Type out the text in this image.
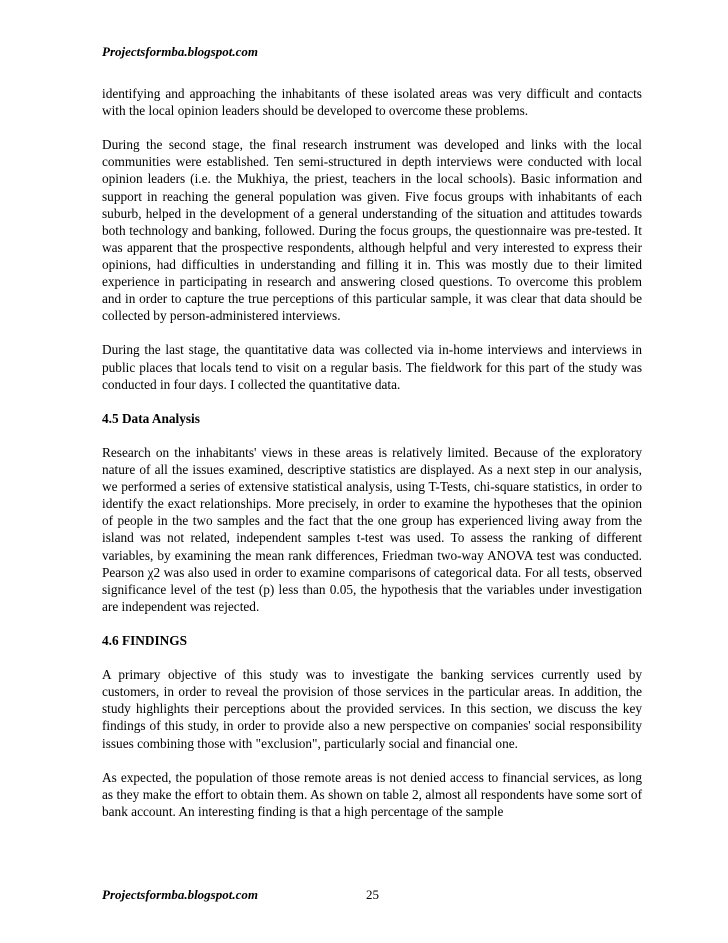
Projectsformba.blogspot.com

identifying and approaching the inhabitants of these isolated areas was very difficult and contacts with the local opinion leaders should be developed to overcome these problems.

During the second stage, the final research instrument was developed and links with the local communities were established. Ten semi-structured in depth interviews were conducted with local opinion leaders (i.e. the Mukhiya, the priest, teachers in the local schools). Basic information and support in reaching the general population was given. Five focus groups with inhabitants of each suburb, helped in the development of a general understanding of the situation and attitudes towards both technology and banking, followed. During the focus groups, the questionnaire was pre-tested. It was apparent that the prospective respondents, although helpful and very interested to express their opinions, had difficulties in understanding and filling it in. This was mostly due to their limited experience in participating in research and answering closed questions. To overcome this problem and in order to capture the true perceptions of this particular sample, it was clear that data should be collected by person-administered interviews.

During the last stage, the quantitative data was collected via in-home interviews and interviews in public places that locals tend to visit on a regular basis. The fieldwork for this part of the study was conducted in four days. I collected the quantitative data.

4.5 Data Analysis

Research on the inhabitants' views in these areas is relatively limited. Because of the exploratory nature of all the issues examined, descriptive statistics are displayed. As a next step in our analysis, we performed a series of extensive statistical analysis, using T-Tests, chi-square statistics, in order to identify the exact relationships. More precisely, in order to examine the hypotheses that the opinion of people in the two samples and the fact that the one group has experienced living away from the island was not related, independent samples t-test was used. To assess the ranking of different variables, by examining the mean rank differences, Friedman two-way ANOVA test was conducted. Pearson χ2 was also used in order to examine comparisons of categorical data. For all tests, observed significance level of the test (p) less than 0.05, the hypothesis that the variables under investigation are independent was rejected.

4.6 FINDINGS

A primary objective of this study was to investigate the banking services currently used by customers, in order to reveal the provision of those services in the particular areas. In addition, the study highlights their perceptions about the provided services. In this section, we discuss the key findings of this study, in order to provide also a new perspective on companies' social responsibility issues combining those with "exclusion", particularly social and financial one.

As expected, the population of those remote areas is not denied access to financial services, as long as they make the effort to obtain them. As shown on table 2, almost all respondents have some sort of bank account. An interesting finding is that a high percentage of the sample

Projectsformba.blogspot.com	25
